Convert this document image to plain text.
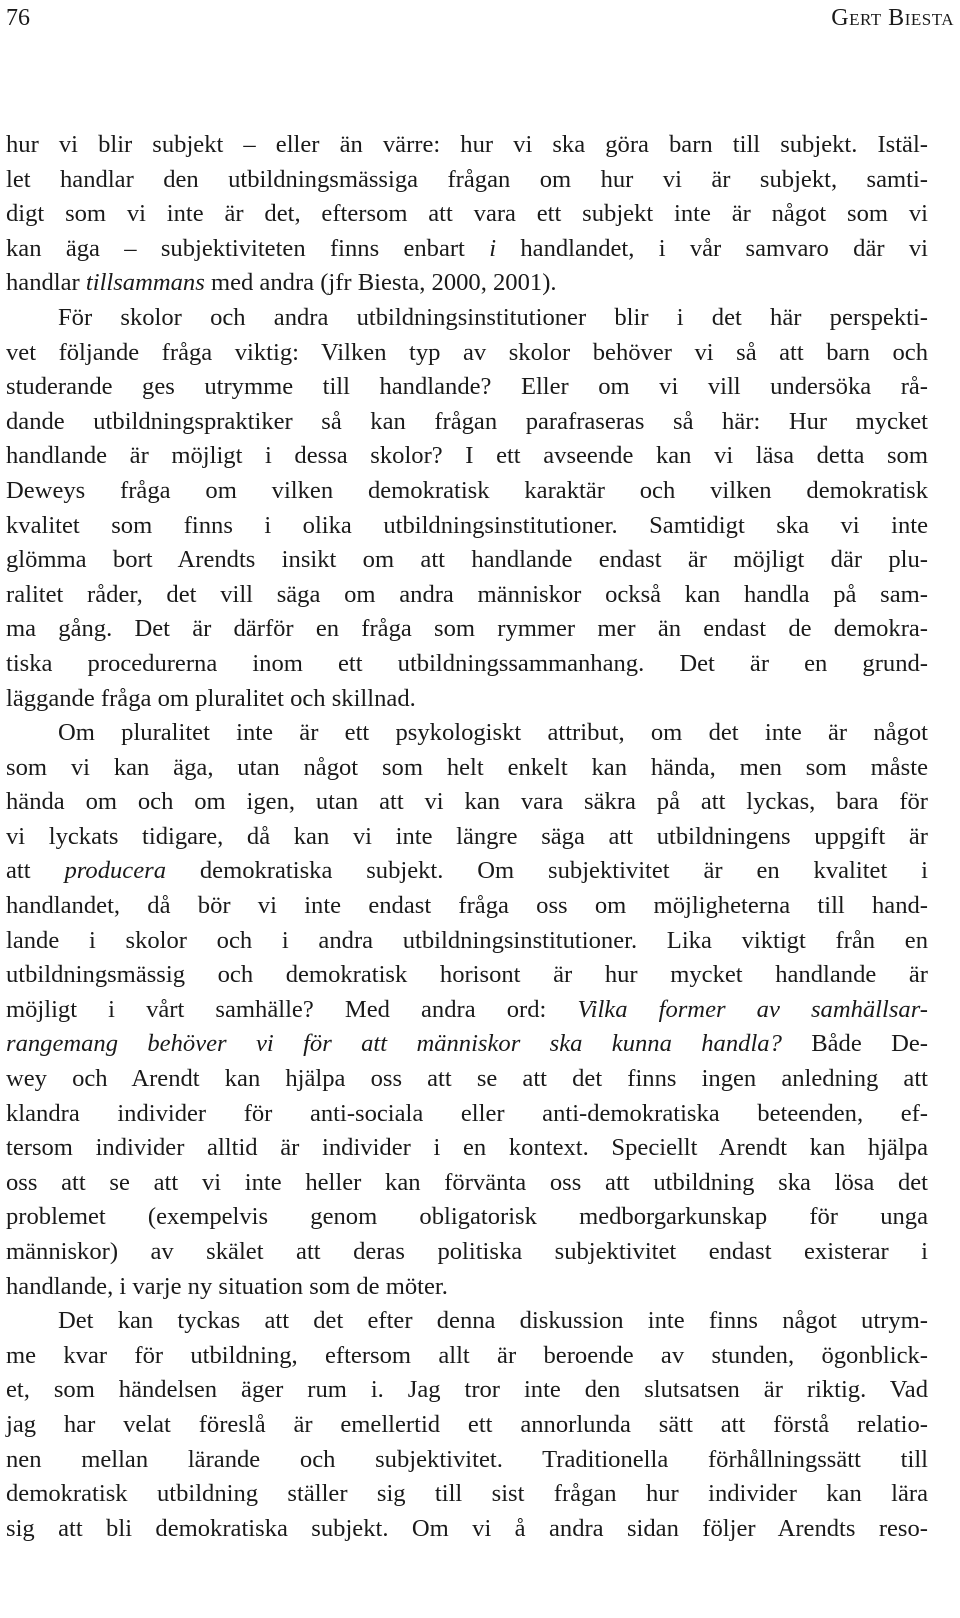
76	Gert Biesta
hur vi blir subjekt – eller än värre: hur vi ska göra barn till subjekt. Istäl-
let handlar den utbildningsmässiga frågan om hur vi är subjekt, samti-
digt som vi inte är det, eftersom att vara ett subjekt inte är något som vi
kan äga – subjektiviteten finns enbart i handlandet, i vår samvaro där vi
handlar tillsammans med andra (jfr Biesta, 2000, 2001).
För skolor och andra utbildningsinstitutioner blir i det här perspekti-
vet följande fråga viktig: Vilken typ av skolor behöver vi så att barn och
studerande ges utrymme till handlande? Eller om vi vill undersöka rå-
dande utbildningspraktiker så kan frågan parafraseras så här: Hur mycket
handlande är möjligt i dessa skolor? I ett avseende kan vi läsa detta som
Deweys fråga om vilken demokratisk karaktär och vilken demokratisk
kvalitet som finns i olika utbildningsinstitutioner. Samtidigt ska vi inte
glömma bort Arendts insikt om att handlande endast är möjligt där plu-
ralitet råder, det vill säga om andra människor också kan handla på sam-
ma gång. Det är därför en fråga som rymmer mer än endast de demokra-
tiska procedurerna inom ett utbildningssammanhang. Det är en grund-
läggande fråga om pluralitet och skillnad.
Om pluralitet inte är ett psykologiskt attribut, om det inte är något
som vi kan äga, utan något som helt enkelt kan hända, men som måste
hända om och om igen, utan att vi kan vara säkra på att lyckas, bara för
vi lyckats tidigare, då kan vi inte längre säga att utbildningens uppgift är
att producera demokratiska subjekt. Om subjektivitet är en kvalitet i
handlandet, då bör vi inte endast fråga oss om möjligheterna till hand-
lande i skolor och i andra utbildningsinstitutioner. Lika viktigt från en
utbildningsmässig och demokratisk horisont är hur mycket handlande är
möjligt i vårt samhälle? Med andra ord: Vilka former av samhällsar-
rangemang behöver vi för att människor ska kunna handla? Både De-
wey och Arendt kan hjälpa oss att se att det finns ingen anledning att
klandra individer för anti-sociala eller anti-demokratiska beteenden, ef-
tersom individer alltid är individer i en kontext. Speciellt Arendt kan hjälpa
oss att se att vi inte heller kan förvänta oss att utbildning ska lösa det
problemet (exempelvis genom obligatorisk medborgarkunskap för unga
människor) av skälet att deras politiska subjektivitet endast existerar i
handlande, i varje ny situation som de möter.
Det kan tyckas att det efter denna diskussion inte finns något utrym-
me kvar för utbildning, eftersom allt är beroende av stunden, ögonblick-
et, som händelsen äger rum i. Jag tror inte den slutsatsen är riktig. Vad
jag har velat föreslå är emellertid ett annorlunda sätt att förstå relatio-
nen mellan lärande och subjektivitet. Traditionella förhållningssätt till
demokratisk utbildning ställer sig till sist frågan hur individer kan lära
sig att bli demokratiska subjekt. Om vi å andra sidan följer Arendts reso-
